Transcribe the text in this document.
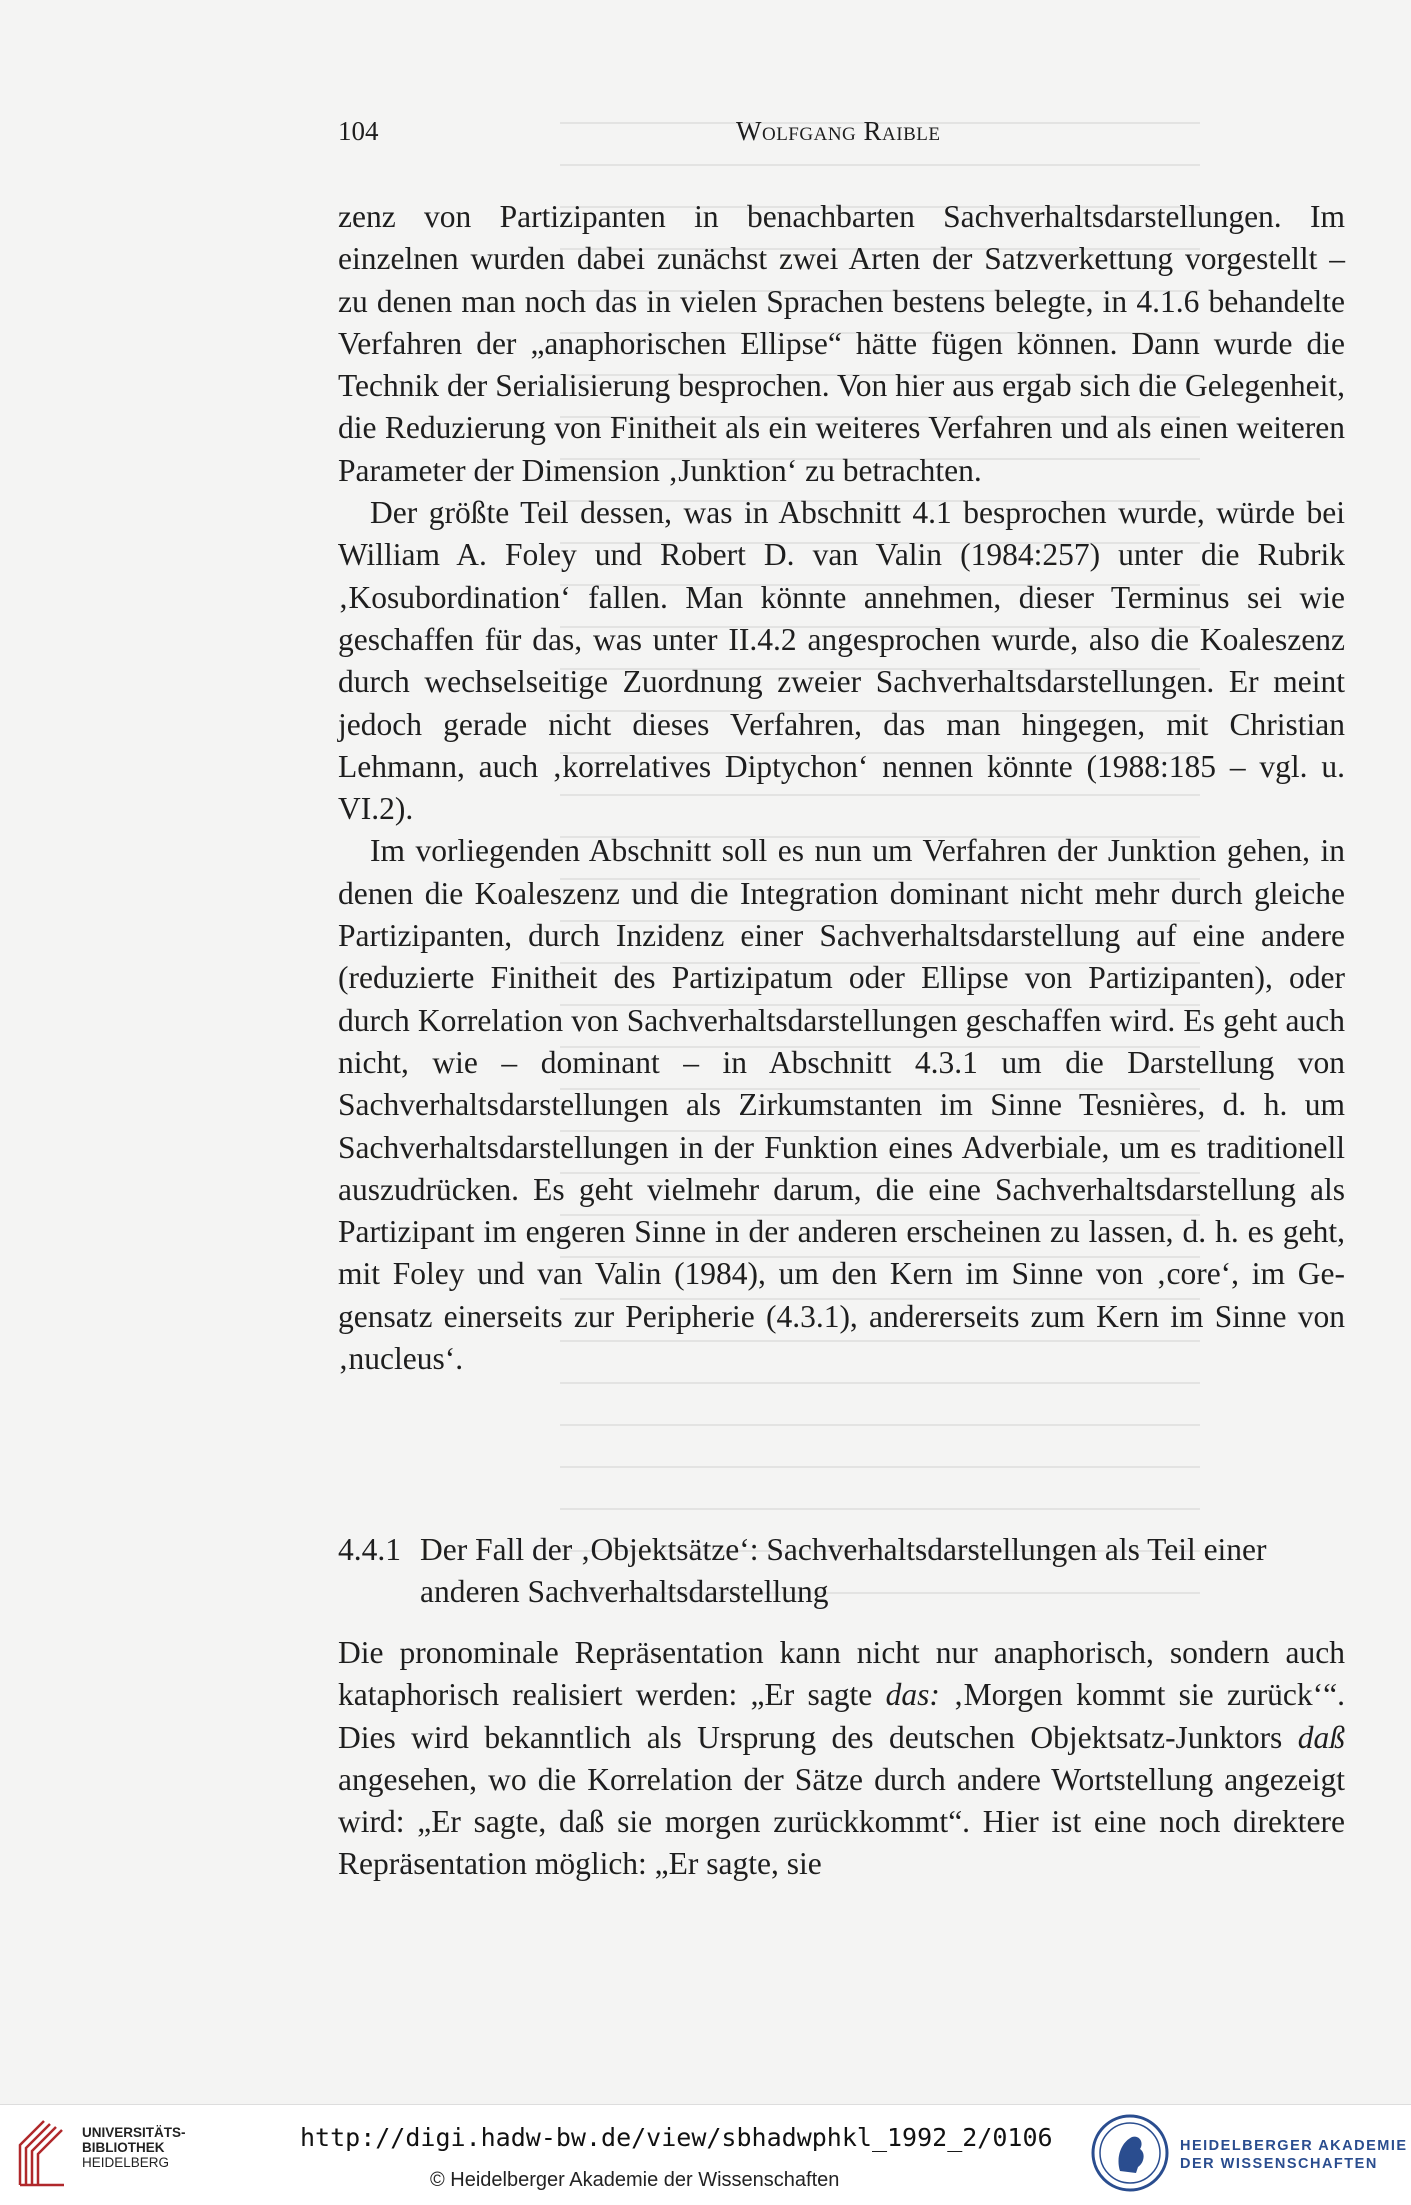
104	Wolfgang Raible

zenz von Partizipanten in benachbarten Sachverhaltsdarstellungen. Im einzelnen wurden dabei zunächst zwei Arten der Satzverkettung vorgestellt – zu denen man noch das in vielen Sprachen bestens belegte, in 4.1.6 behandelte Verfahren der „anaphorischen Ellipse“ hätte fügen können. Dann wurde die Technik der Serialisierung besprochen. Von hier aus ergab sich die Gelegenheit, die Reduzierung von Finitheit als ein weiteres Verfahren und als einen weiteren Parameter der Dimension ‚Junktion‘ zu betrachten.

Der größte Teil dessen, was in Abschnitt 4.1 besprochen wurde, würde bei William A. Foley und Robert D. van Valin (1984:257) unter die Rubrik ‚Kosubordination‘ fallen. Man könnte annehmen, dieser Terminus sei wie geschaffen für das, was unter II.4.2 angesprochen wurde, also die Koaleszenz durch wechselseitige Zuordnung zweier Sachverhaltsdarstellungen. Er meint jedoch gerade nicht dieses Verfahren, das man hingegen, mit Christian Lehmann, auch ‚korrelatives Diptychon‘ nennen könnte (1988:185 – vgl. u. VI.2).

Im vorliegenden Abschnitt soll es nun um Verfahren der Junktion gehen, in denen die Koaleszenz und die Integration dominant nicht mehr durch gleiche Partizipanten, durch Inzidenz einer Sachverhaltsdarstellung auf eine andere (reduzierte Finitheit des Partizipatum oder Ellipse von Partizipanten), oder durch Korrelation von Sachverhaltsdarstellungen geschaffen wird. Es geht auch nicht, wie – dominant – in Abschnitt 4.3.1 um die Darstellung von Sachverhaltsdarstellungen als Zirkumstanten im Sinne Tesnières, d. h. um Sachverhaltsdarstellungen in der Funktion eines Adverbiale, um es traditionell auszudrücken. Es geht vielmehr darum, die eine Sachverhaltsdarstellung als Partizipant im engeren Sinne in der anderen erscheinen zu lassen, d. h. es geht, mit Foley und van Valin (1984), um den Kern im Sinne von ‚core‘, im Gegensatz einerseits zur Peripherie (4.3.1), andererseits zum Kern im Sinne von ‚nucleus‘.

4.4.1 Der Fall der ‚Objektsätze‘: Sachverhaltsdarstellungen als Teil einer anderen Sachverhaltsdarstellung

Die pronominale Repräsentation kann nicht nur anaphorisch, sondern auch kataphorisch realisiert werden: „Er sagte das: ‚Morgen kommt sie zurück‘“. Dies wird bekanntlich als Ursprung des deutschen Objektsatz-Junktors daß angesehen, wo die Korrelation der Sätze durch andere Wortstellung angezeigt wird: „Er sagte, daß sie morgen zurückkommt“. Hier ist eine noch direktere Repräsentation möglich: „Er sagte, sie

UNIVERSITÄTS-
BIBLIOTHEK
HEIDELBERG
http://digi.hadw-bw.de/view/sbhadwphkl_1992_2/0106
© Heidelberger Akademie der Wissenschaften
HEIDELBERGER AKADEMIE
DER WISSENSCHAFTEN
